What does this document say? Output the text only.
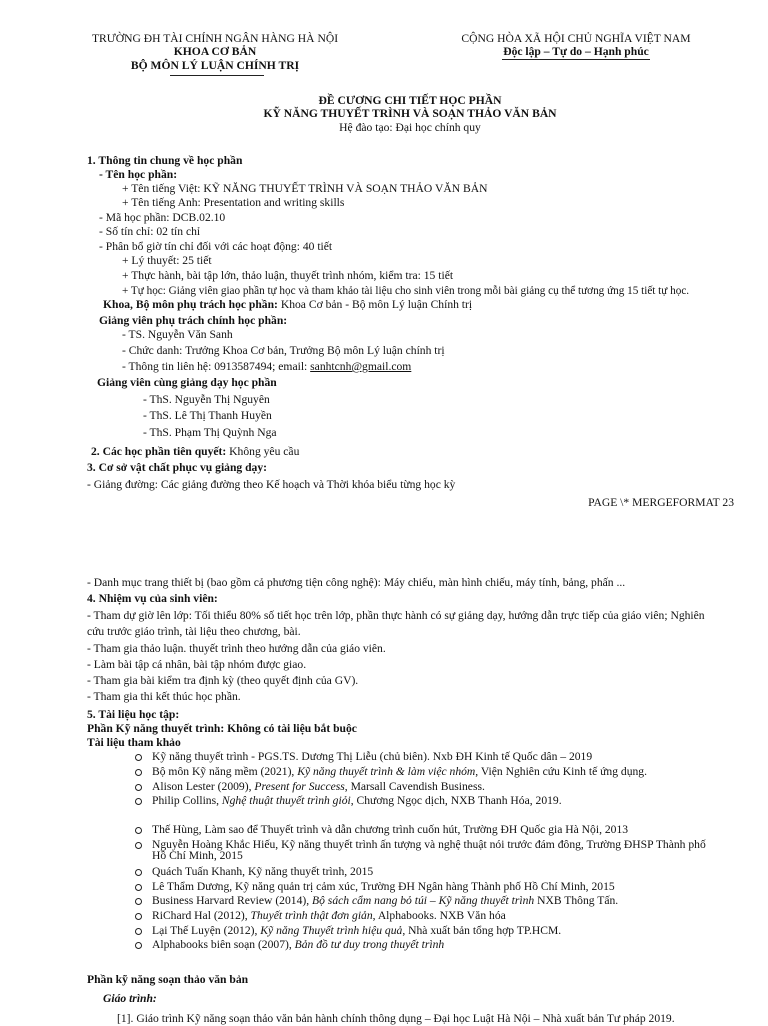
TRƯỜNG ĐH TÀI CHÍNH NGÂN HÀNG HÀ NỘI
KHOA CƠ BẢN
BỘ MÔN LÝ LUẬN CHÍNH TRỊ
CỘNG HÒA XÃ HỘI CHỦ NGHĨA VIỆT NAM
Độc lập – Tự do – Hạnh phúc
ĐỀ CƯƠNG CHI TIẾT HỌC PHẦN
KỸ NĂNG THUYẾT TRÌNH VÀ SOẠN THẢO VĂN BẢN
Hệ đào tạo: Đại học chính quy
1. Thông tin chung về học phần
- Tên học phần:
+ Tên tiếng Việt: KỸ NĂNG THUYẾT TRÌNH VÀ SOẠN THẢO VĂN BẢN
+ Tên tiếng Anh: Presentation and writing skills
- Mã học phần: DCB.02.10
- Số tín chỉ: 02 tín chỉ
- Phân bổ giờ tín chỉ đối với các hoạt động: 40 tiết
+ Lý thuyết: 25 tiết
+ Thực hành, bài tập lớn, thảo luận, thuyết trình nhóm, kiểm tra: 15 tiết
+ Tự học: Giảng viên giao phần tự học và tham khảo tài liệu cho sinh viên trong mỗi bài giảng cụ thể tương ứng 15 tiết tự học.
Khoa, Bộ môn phụ trách học phần: Khoa Cơ bản - Bộ môn Lý luận Chính trị
Giảng viên phụ trách chính học phần:
- TS. Nguyễn Văn Sanh
- Chức danh: Trưởng Khoa Cơ bản, Trưởng Bộ môn Lý luận chính trị
- Thông tin liên hệ: 0913587494; email: sanhtcnh@gmail.com
Giảng viên cùng giảng dạy học phần
- ThS. Nguyễn Thị Nguyên
- ThS. Lê Thị Thanh Huyền
- ThS. Phạm Thị Quỳnh Nga
2. Các học phần tiên quyết: Không yêu cầu
3. Cơ sở vật chất phục vụ giảng dạy:
- Giảng đường: Các giảng đường theo Kế hoạch và Thời khóa biểu từng học kỳ
PAGE \* MERGEFORMAT 23
- Danh mục trang thiết bị (bao gồm cả phương tiện công nghệ): Máy chiếu, màn hình chiếu, máy tính, bảng, phấn ...
4. Nhiệm vụ của sinh viên:
- Tham dự giờ lên lớp: Tối thiểu 80% số tiết học trên lớp, phần thực hành có sự giảng dạy, hướng dẫn trực tiếp của giáo viên; Nghiên
cứu trước giáo trình, tài liệu theo chương, bài.
- Tham gia thảo luận. thuyết trình theo hướng dẫn của giáo viên.
- Làm bài tập cá nhân, bài tập nhóm được giao.
- Tham gia bài kiểm tra định kỳ (theo quyết định của GV).
- Tham gia thi kết thúc học phần.
5. Tài liệu học tập:
Phần Kỹ năng thuyết trình: Không có tài liệu bắt buộc
Tài liệu tham khảo
Kỹ năng thuyết trình - PGS.TS. Dương Thị Liễu (chủ biên). Nxb ĐH Kinh tế Quốc dân – 2019
Bộ môn Kỹ năng mềm (2021), Kỹ năng thuyết trình & làm việc nhóm, Viện Nghiên cứu Kinh tế ứng dụng.
Alison Lester (2009), Present for Success, Marsall Cavendish Business.
Philip Collins, Nghệ thuật thuyết trình giỏi, Chương Ngọc dịch, NXB Thanh Hóa, 2019.
Thế Hùng, Làm sao để Thuyết trình và dẫn chương trình cuốn hút, Trường ĐH Quốc gia Hà Nội, 2013
Nguyễn Hoàng Khắc Hiếu, Kỹ năng thuyết trình ấn tượng và nghệ thuật nói trước đám đông, Trường ĐHSP Thành phố
Quách Tuấn Khanh, Kỹ năng thuyết trình, 2015
Lê Thẩm Dương, Kỹ năng quản trị cảm xúc, Trường ĐH Ngân hàng Thành phố Hồ Chí Minh, 2015
Business Harvard Review (2014), Bộ sách cẩm nang bỏ túi – Kỹ năng thuyết trình NXB Thông Tấn.
RiChard Hal (2012), Thuyết trình thật đơn giản, Alphabooks. NXB Văn hóa
Lại Thế Luyện (2012), Kỹ năng Thuyết trình hiệu quả, Nhà xuất bản tổng hợp TP.HCM.
Alphabooks biên soạn (2007), Bản đồ tư duy trong thuyết trình
Hồ Chí Minh, 2015
Phần kỹ năng soạn thảo văn bản
Giáo trình:
[1]. Giáo trình Kỹ năng soạn thảo văn bản hành chính thông dụng – Đại học Luật Hà Nội – Nhà xuất bản Tư pháp 2019.
